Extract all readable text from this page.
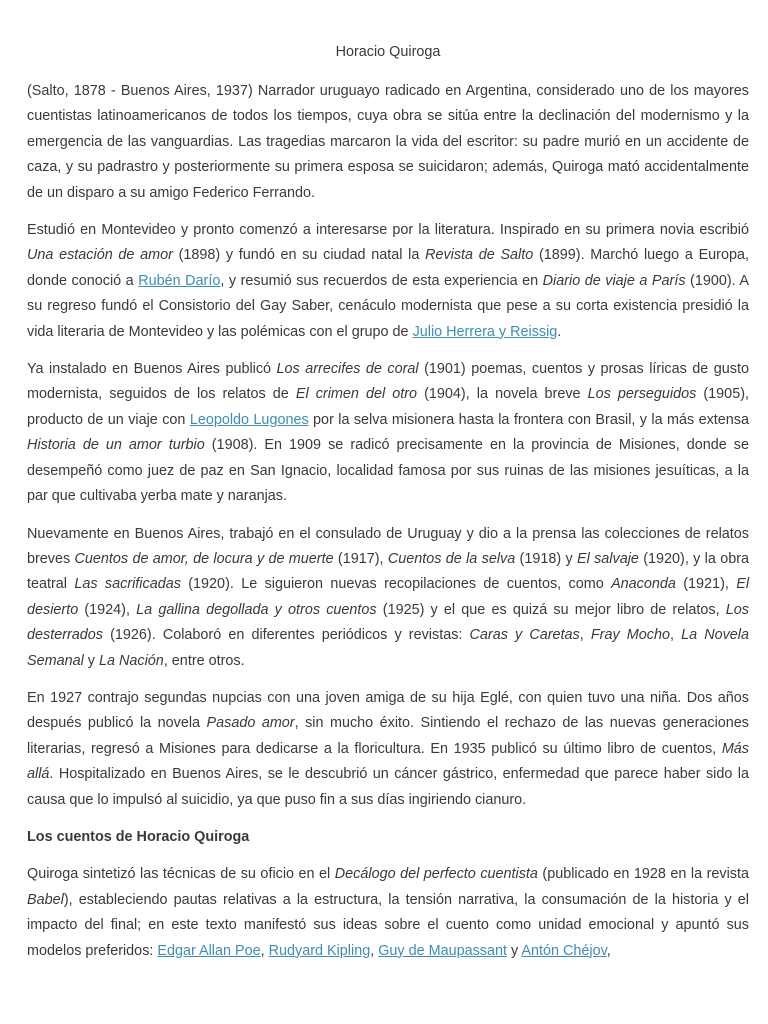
Horacio Quiroga

(Salto, 1878 - Buenos Aires, 1937) Narrador uruguayo radicado en Argentina, considerado uno de los mayores cuentistas latinoamericanos de todos los tiempos, cuya obra se sitúa entre la declinación del modernismo y la emergencia de las vanguardias. Las tragedias marcaron la vida del escritor: su padre murió en un accidente de caza, y su padrastro y posteriormente su primera esposa se suicidaron; además, Quiroga mató accidentalmente de un disparo a su amigo Federico Ferrando.

Estudió en Montevideo y pronto comenzó a interesarse por la literatura. Inspirado en su primera novia escribió Una estación de amor (1898) y fundó en su ciudad natal la Revista de Salto (1899). Marchó luego a Europa, donde conoció a Rubén Darío, y resumió sus recuerdos de esta experiencia en Diario de viaje a París (1900). A su regreso fundó el Consistorio del Gay Saber, cenáculo modernista que pese a su corta existencia presidió la vida literaria de Montevideo y las polémicas con el grupo de Julio Herrera y Reissig.

Ya instalado en Buenos Aires publicó Los arrecifes de coral (1901) poemas, cuentos y prosas líricas de gusto modernista, seguidos de los relatos de El crimen del otro (1904), la novela breve Los perseguidos (1905), producto de un viaje con Leopoldo Lugones por la selva misionera hasta la frontera con Brasil, y la más extensa Historia de un amor turbio (1908). En 1909 se radicó precisamente en la provincia de Misiones, donde se desempeñó como juez de paz en San Ignacio, localidad famosa por sus ruinas de las misiones jesuíticas, a la par que cultivaba yerba mate y naranjas.

Nuevamente en Buenos Aires, trabajó en el consulado de Uruguay y dio a la prensa las colecciones de relatos breves Cuentos de amor, de locura y de muerte (1917), Cuentos de la selva (1918) y El salvaje (1920), y la obra teatral Las sacrificadas (1920). Le siguieron nuevas recopilaciones de cuentos, como Anaconda (1921), El desierto (1924), La gallina degollada y otros cuentos (1925) y el que es quizá su mejor libro de relatos, Los desterrados (1926). Colaboró en diferentes periódicos y revistas: Caras y Caretas, Fray Mocho, La Novela Semanal y La Nación, entre otros.

En 1927 contrajo segundas nupcias con una joven amiga de su hija Eglé, con quien tuvo una niña. Dos años después publicó la novela Pasado amor, sin mucho éxito. Sintiendo el rechazo de las nuevas generaciones literarias, regresó a Misiones para dedicarse a la floricultura. En 1935 publicó su último libro de cuentos, Más allá. Hospitalizado en Buenos Aires, se le descubrió un cáncer gástrico, enfermedad que parece haber sido la causa que lo impulsó al suicidio, ya que puso fin a sus días ingiriendo cianuro.

Los cuentos de Horacio Quiroga

Quiroga sintetizó las técnicas de su oficio en el Decálogo del perfecto cuentista (publicado en 1928 en la revista Babel), estableciendo pautas relativas a la estructura, la tensión narrativa, la consumación de la historia y el impacto del final; en este texto manifestó sus ideas sobre el cuento como unidad emocional y apuntó sus modelos preferidos: Edgar Allan Poe, Rudyard Kipling, Guy de Maupassant y Antón Chéjov,
